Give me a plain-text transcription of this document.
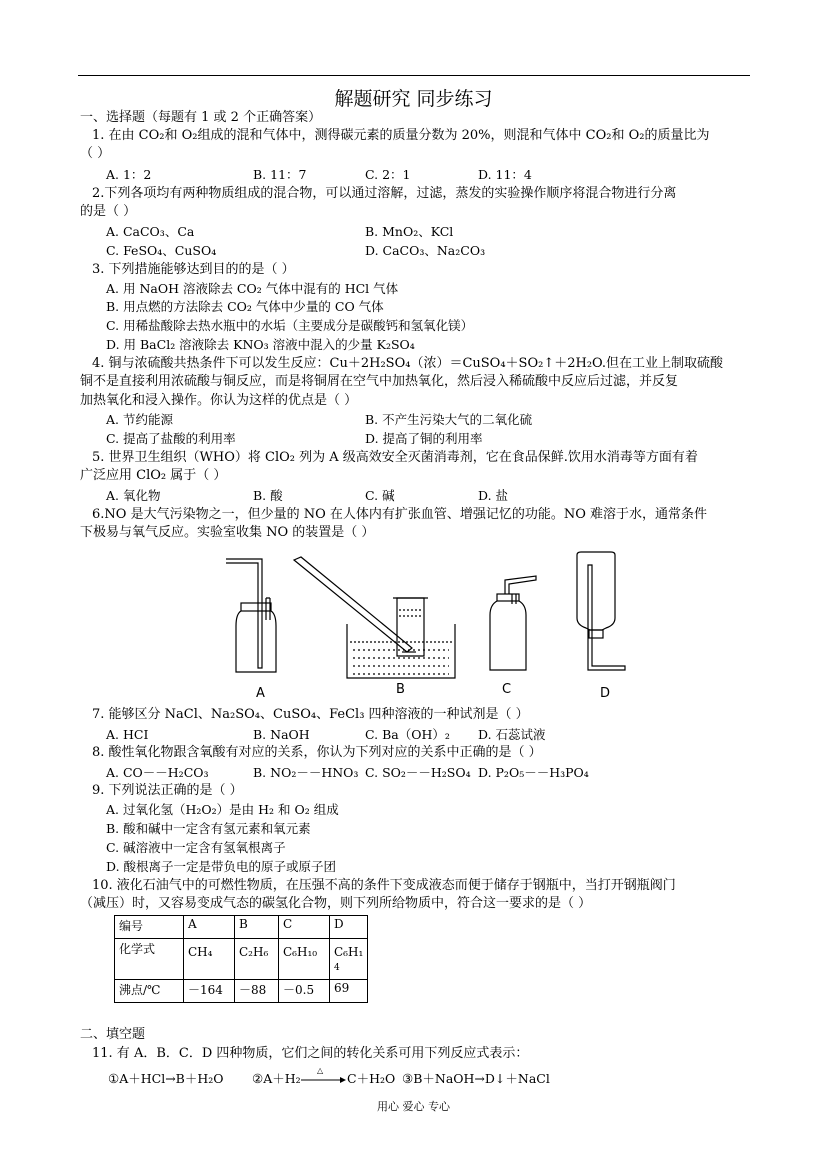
解题研究 同步练习
一、选择题（每题有 1 或 2 个正确答案）
1. 在由 CO₂和 O₂组成的混和气体中，测得碳元素的质量分数为 20%，则混和气体中 CO₂和 O₂的质量比为
（ ）
A. 1：2	B. 11：7	C. 2：1	D. 11：4
2.下列各项均有两种物质组成的混合物，可以通过溶解，过滤，蒸发的实验操作顺序将混合物进行分离
的是（ ）
A. CaCO₃、Ca	B. MnO₂、KCl
C. FeSO₄、CuSO₄	D. CaCO₃、Na₂CO₃
3. 下列措施能够达到目的的是（ ）
A. 用 NaOH 溶液除去 CO₂ 气体中混有的 HCl 气体
B. 用点燃的方法除去 CO₂ 气体中少量的 CO 气体
C. 用稀盐酸除去热水瓶中的水垢（主要成分是碳酸钙和氢氧化镁）
D. 用 BaCl₂ 溶液除去 KNO₃ 溶液中混入的少量 K₂SO₄
4. 铜与浓硫酸共热条件下可以发生反应：Cu＋2H₂SO₄（浓）＝CuSO₄＋SO₂↑＋2H₂O.但在工业上制取硫酸
铜不是直接利用浓硫酸与铜反应，而是将铜屑在空气中加热氧化，然后浸入稀硫酸中反应后过滤，并反复
加热氧化和浸入操作。你认为这样的优点是（ ）
A. 节约能源	B. 不产生污染大气的二氧化硫
C. 提高了盐酸的利用率	D. 提高了铜的利用率
5. 世界卫生组织（WHO）将 ClO₂ 列为 A 级高效安全灭菌消毒剂，它在食品保鲜.饮用水消毒等方面有着
广泛应用 ClO₂ 属于（ ）
A. 氧化物	B. 酸	C. 碱	D. 盐
6.NO 是大气污染物之一，但少量的 NO 在人体内有扩张血管、增强记忆的功能。NO 难溶于水，通常条件
下极易与氧气反应。实验室收集 NO 的装置是（ ）
A	B	C	D
7. 能够区分 NaCl、Na₂SO₄、CuSO₄、FeCl₃ 四种溶液的一种试剂是（ ）
A. HCI	B. NaOH	C. Ba（OH）₂ D. 石蕊试液
8. 酸性氧化物跟含氧酸有对应的关系，你认为下列对应的关系中正确的是（ ）
A. CO－－H₂CO₃	B. NO₂－－HNO₃ C. SO₂－－H₂SO₄ D. P₂O₅－－H₃PO₄
9. 下列说法正确的是（ ）
A. 过氧化氢（H₂O₂）是由 H₂ 和 O₂ 组成
B. 酸和碱中一定含有氢元素和氧元素
C. 碱溶液中一定含有氢氧根离子
D. 酸根离子一定是带负电的原子或原子团
10. 液化石油气中的可燃性物质，在压强不高的条件下变成液态而便于储存于钢瓶中，当打开钢瓶阀门
（减压）时，又容易变成气态的碳氢化合物，则下列所给物质中，符合这一要求的是（ ）
编号	A	B	C	D
化学式	CH₄	C₂H₆	C₆H₁₀	C₆H₁
4
沸点/℃	－164	－88	－0.5	69
二、填空题
11. 有 A．B．C．D 四种物质，它们之间的转化关系可用下列反应式表示：
①A＋HCl→B＋H₂O ②A＋H₂
△
C＋H₂O ③B＋NaOH→D↓＋NaCl
用心 爱心 专心
